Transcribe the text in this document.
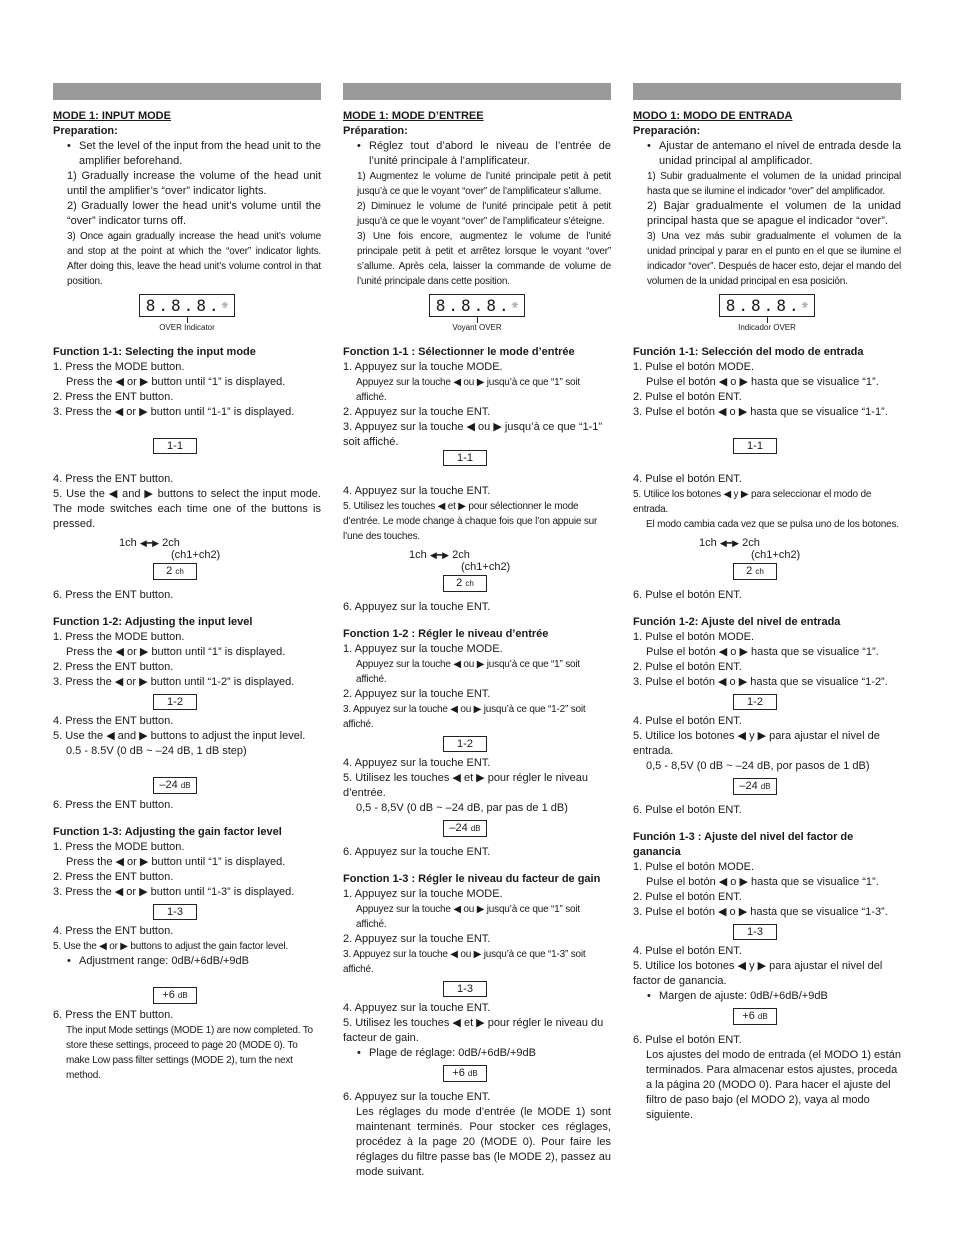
MODE 1: INPUT MODE
Preparation:
• Set the level of the input from the head unit to the amplifier beforehand.
1) Gradually increase the volume of the head unit until the amplifier’s “over” indicator lights.
2) Gradually lower the head unit’s volume until the “over” indicator turns off.
3) Once again gradually increase the head unit’s volume and stop at the point at which the “over” indicator lights. After doing this, leave the head unit’s volume control in that position.
8.8.8.☼
OVER Indicator
Function 1-1: Selecting the input mode
1. Press the MODE button.
Press the ◀ or ▶ button until “1” is displayed.
2. Press the ENT button.
3. Press the ◀ or ▶ button until “1-1” is displayed.
1-1
4. Press the ENT button.
5. Use the ◀ and ▶ buttons to select the input mode. The mode switches each time one of the buttons is pressed.
1ch ◀━▶ 2ch
(ch1+ch2)
2 ch
6. Press the ENT button.
Function 1-2: Adjusting the input level
1. Press the MODE button.
Press the ◀ or ▶ button until “1” is displayed.
2. Press the ENT button.
3. Press the ◀ or ▶ button until “1-2” is displayed.
1-2
4. Press the ENT button.
5. Use the ◀ and ▶ buttons to adjust the input level.
0.5 - 8.5V (0 dB ~ –24 dB, 1 dB step)
–24 dB
6. Press the ENT button.
Function 1-3: Adjusting the gain factor level
1. Press the MODE button.
Press the ◀ or ▶ button until “1” is displayed.
2. Press the ENT button.
3. Press the ◀ or ▶ button until “1-3” is displayed.
1-3
4. Press the ENT button.
5. Use the ◀ or ▶ buttons to adjust the gain factor level.
• Adjustment range: 0dB/+6dB/+9dB
+6 dB
6. Press the ENT button.
The input Mode settings (MODE 1) are now completed. To store these settings, proceed to page 20 (MODE 0). To make Low pass filter settings (MODE 2), turn the next method.
MODE 1: MODE D’ENTREE
Préparation:
• Réglez tout d’abord le niveau de l’entrée de l’unité principale à l’amplificateur.
1) Augmentez le volume de l’unité principale petit à petit jusqu’à ce que le voyant “over” de l’amplificateur s’allume.
2) Diminuez le volume de l’unité principale petit à petit jusqu’à ce que le voyant “over” de l’amplificateur s’éteigne.
3) Une fois encore, augmentez le volume de l’unité principale petit à petit et arrêtez lorsque le voyant “over” s’allume. Après cela, laisser la commande de volume de l’unité principale dans cette position.
8.8.8.☼
Voyant OVER
Fonction 1-1 : Sélectionner le mode d’entrée
1. Appuyez sur la touche MODE.
Appuyez sur la touche ◀ ou ▶ jusqu’à ce que “1” soit affiché.
2. Appuyez sur la touche ENT.
3. Appuyez sur la touche ◀ ou ▶ jusqu’à ce que “1-1” soit affiché.
1-1
4. Appuyez sur la touche ENT.
5. Utilisez les touches ◀ et ▶ pour sélectionner le mode d’entrée. Le mode change à chaque fois que l’on appuie sur l’une des touches.
1ch ◀━▶ 2ch
(ch1+ch2)
2 ch
6. Appuyez sur la touche ENT.
Fonction 1-2 : Régler le niveau d’entrée
1. Appuyez sur la touche MODE.
Appuyez sur la touche ◀ ou ▶ jusqu’à ce que “1” soit affiché.
2. Appuyez sur la touche ENT.
3. Appuyez sur la touche ◀ ou ▶ jusqu’à ce que “1-2” soit affiché.
1-2
4. Appuyez sur la touche ENT.
5. Utilisez les touches ◀ et ▶ pour régler le niveau d’entrée.
0,5 - 8,5V (0 dB ~ –24 dB, par pas de 1 dB)
–24 dB
6. Appuyez sur la touche ENT.
Fonction 1-3 : Régler le niveau du facteur de gain
1. Appuyez sur la touche MODE.
Appuyez sur la touche ◀ ou ▶ jusqu’à ce que “1” soit affiché.
2. Appuyez sur la touche ENT.
3. Appuyez sur la touche ◀ ou ▶ jusqu’à ce que “1-3” soit affiché.
1-3
4. Appuyez sur la touche ENT.
5. Utilisez les touches ◀ et ▶ pour régler le niveau du facteur de gain.
• Plage de réglage: 0dB/+6dB/+9dB
+6 dB
6. Appuyez sur la touche ENT.
Les réglages du mode d’entrée (le MODE 1) sont maintenant terminés. Pour stocker ces réglages, procédez à la page 20 (MODE 0). Pour faire les réglages du filtre passe bas (le MODE 2), passez au mode suivant.
MODO 1: MODO DE ENTRADA
Preparación:
• Ajustar de antemano el nivel de entrada desde la unidad principal al amplificador.
1) Subir gradualmente el volumen de la unidad principal hasta que se ilumine el indicador “over” del amplificador.
2) Bajar gradualmente el volumen de la unidad principal hasta que se apague el indicador “over”.
3) Una vez más subir gradualmente el volumen de la unidad principal y parar en el punto en el que se ilumine el indicador “over”. Después de hacer esto, dejar el mando del volumen de la unidad principal en esa posición.
8.8.8.☼
Indicador OVER
Función 1-1: Selección del modo de entrada
1. Pulse el botón MODE.
Pulse el botón ◀ o ▶ hasta que se visualice “1”.
2. Pulse el botón ENT.
3. Pulse el botón ◀ o ▶ hasta que se visualice “1-1”.
1-1
4. Pulse el botón ENT.
5. Utilice los botones ◀ y ▶ para seleccionar el modo de entrada.
El modo cambia cada vez que se pulsa uno de los botones.
1ch ◀━▶ 2ch
(ch1+ch2)
2 ch
6. Pulse el botón ENT.
Función 1-2: Ajuste del nivel de entrada
1. Pulse el botón MODE.
Pulse el botón ◀ o ▶ hasta que se visualice “1”.
2. Pulse el botón ENT.
3. Pulse el botón ◀ o ▶ hasta que se visualice “1-2”.
1-2
4. Pulse el botón ENT.
5. Utilice los botones ◀ y ▶ para ajustar el nivel de entrada.
0,5 - 8,5V (0 dB ~ –24 dB, por pasos de 1 dB)
–24 dB
6. Pulse el botón ENT.
Función 1-3 : Ajuste del nivel del factor de ganancia
1. Pulse el botón MODE.
Pulse el botón ◀ o ▶ hasta que se visualice “1”.
2. Pulse el botón ENT.
3. Pulse el botón ◀ o ▶ hasta que se visualice “1-3”.
1-3
4. Pulse el botón ENT.
5. Utilice los botones ◀ y ▶ para ajustar el nivel del factor de ganancia.
• Margen de ajuste: 0dB/+6dB/+9dB
+6 dB
6. Pulse el botón ENT.
Los ajustes del modo de entrada (el MODO 1) están terminados. Para almacenar estos ajustes, proceda a la página 20 (MODO 0). Para hacer el ajuste del filtro de paso bajo (el MODO 2), vaya al modo siguiente.
